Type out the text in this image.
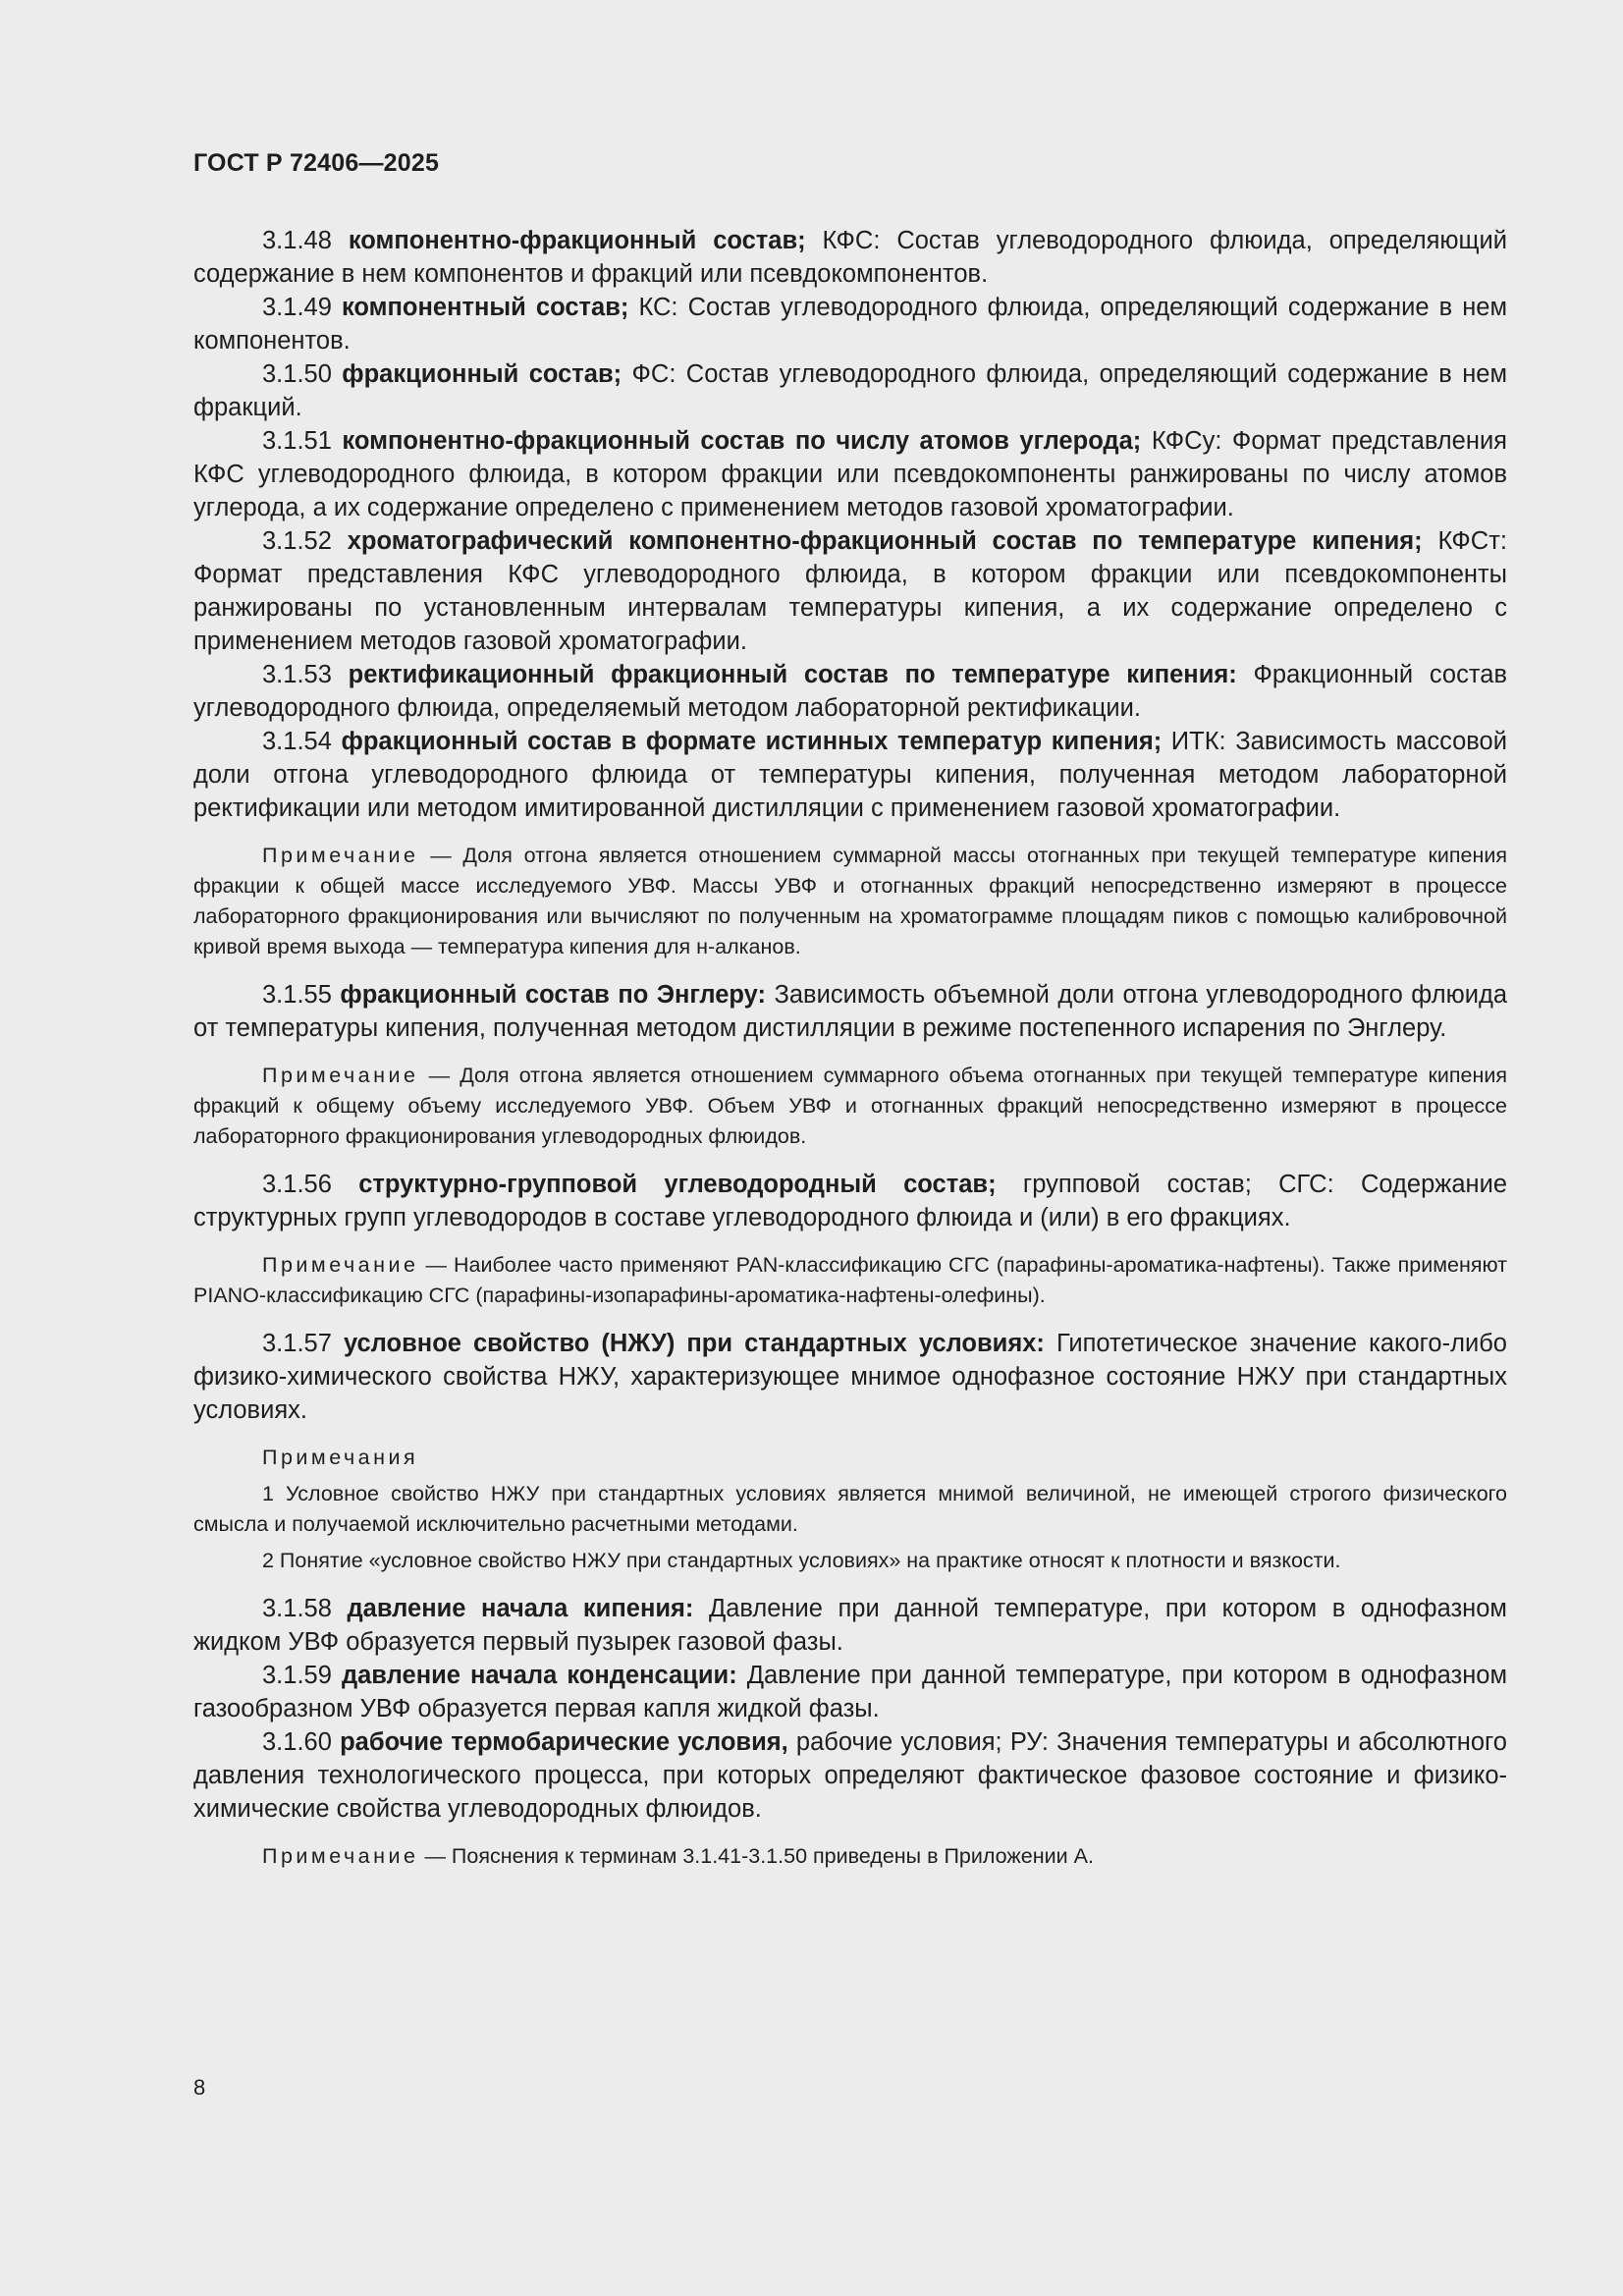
ГОСТ Р 72406—2025

3.1.48 компонентно-фракционный состав; КФС: Состав углеводородного флюида, определяющий содержание в нем компонентов и фракций или псевдокомпонентов.

3.1.49 компонентный состав; КС: Состав углеводородного флюида, определяющий содержание в нем компонентов.

3.1.50 фракционный состав; ФС: Состав углеводородного флюида, определяющий содержание в нем фракций.

3.1.51 компонентно-фракционный состав по числу атомов углерода; КФСу: Формат представления КФС углеводородного флюида, в котором фракции или псевдокомпоненты ранжированы по числу атомов углерода, а их содержание определено с применением методов газовой хроматографии.

3.1.52 хроматографический компонентно-фракционный состав по температуре кипения; КФСт: Формат представления КФС углеводородного флюида, в котором фракции или псевдокомпоненты ранжированы по установленным интервалам температуры кипения, а их содержание определено с применением методов газовой хроматографии.

3.1.53 ректификационный фракционный состав по температуре кипения: Фракционный состав углеводородного флюида, определяемый методом лабораторной ректификации.

3.1.54 фракционный состав в формате истинных температур кипения; ИТК: Зависимость массовой доли отгона углеводородного флюида от температуры кипения, полученная методом лабораторной ректификации или методом имитированной дистилляции с применением газовой хроматографии.

Примечание — Доля отгона является отношением суммарной массы отогнанных при текущей температуре кипения фракции к общей массе исследуемого УВФ. Массы УВФ и отогнанных фракций непосредственно измеряют в процессе лабораторного фракционирования или вычисляют по полученным на хроматограмме площадям пиков с помощью калибровочной кривой время выхода — температура кипения для н-алканов.

3.1.55 фракционный состав по Энглеру: Зависимость объемной доли отгона углеводородного флюида от температуры кипения, полученная методом дистилляции в режиме постепенного испарения по Энглеру.

Примечание — Доля отгона является отношением суммарного объема отогнанных при текущей температуре кипения фракций к общему объему исследуемого УВФ. Объем УВФ и отогнанных фракций непосредственно измеряют в процессе лабораторного фракционирования углеводородных флюидов.

3.1.56 структурно-групповой углеводородный состав; групповой состав; СГС: Содержание структурных групп углеводородов в составе углеводородного флюида и (или) в его фракциях.

Примечание — Наиболее часто применяют PAN-классификацию СГС (парафины-ароматика-нафтены). Также применяют PIANO-классификацию СГС (парафины-изопарафины-ароматика-нафтены-олефины).

3.1.57 условное свойство (НЖУ) при стандартных условиях: Гипотетическое значение какого-либо физико-химического свойства НЖУ, характеризующее мнимое однофазное состояние НЖУ при стандартных условиях.

Примечания

1 Условное свойство НЖУ при стандартных условиях является мнимой величиной, не имеющей строгого физического смысла и получаемой исключительно расчетными методами.

2 Понятие «условное свойство НЖУ при стандартных условиях» на практике относят к плотности и вязкости.

3.1.58 давление начала кипения: Давление при данной температуре, при котором в однофазном жидком УВФ образуется первый пузырек газовой фазы.

3.1.59 давление начала конденсации: Давление при данной температуре, при котором в однофазном газообразном УВФ образуется первая капля жидкой фазы.

3.1.60 рабочие термобарические условия, рабочие условия; РУ: Значения температуры и абсолютного давления технологического процесса, при которых определяют фактическое фазовое состояние и физико-химические свойства углеводородных флюидов.

Примечание — Пояснения к терминам 3.1.41-3.1.50 приведены в Приложении А.

8
